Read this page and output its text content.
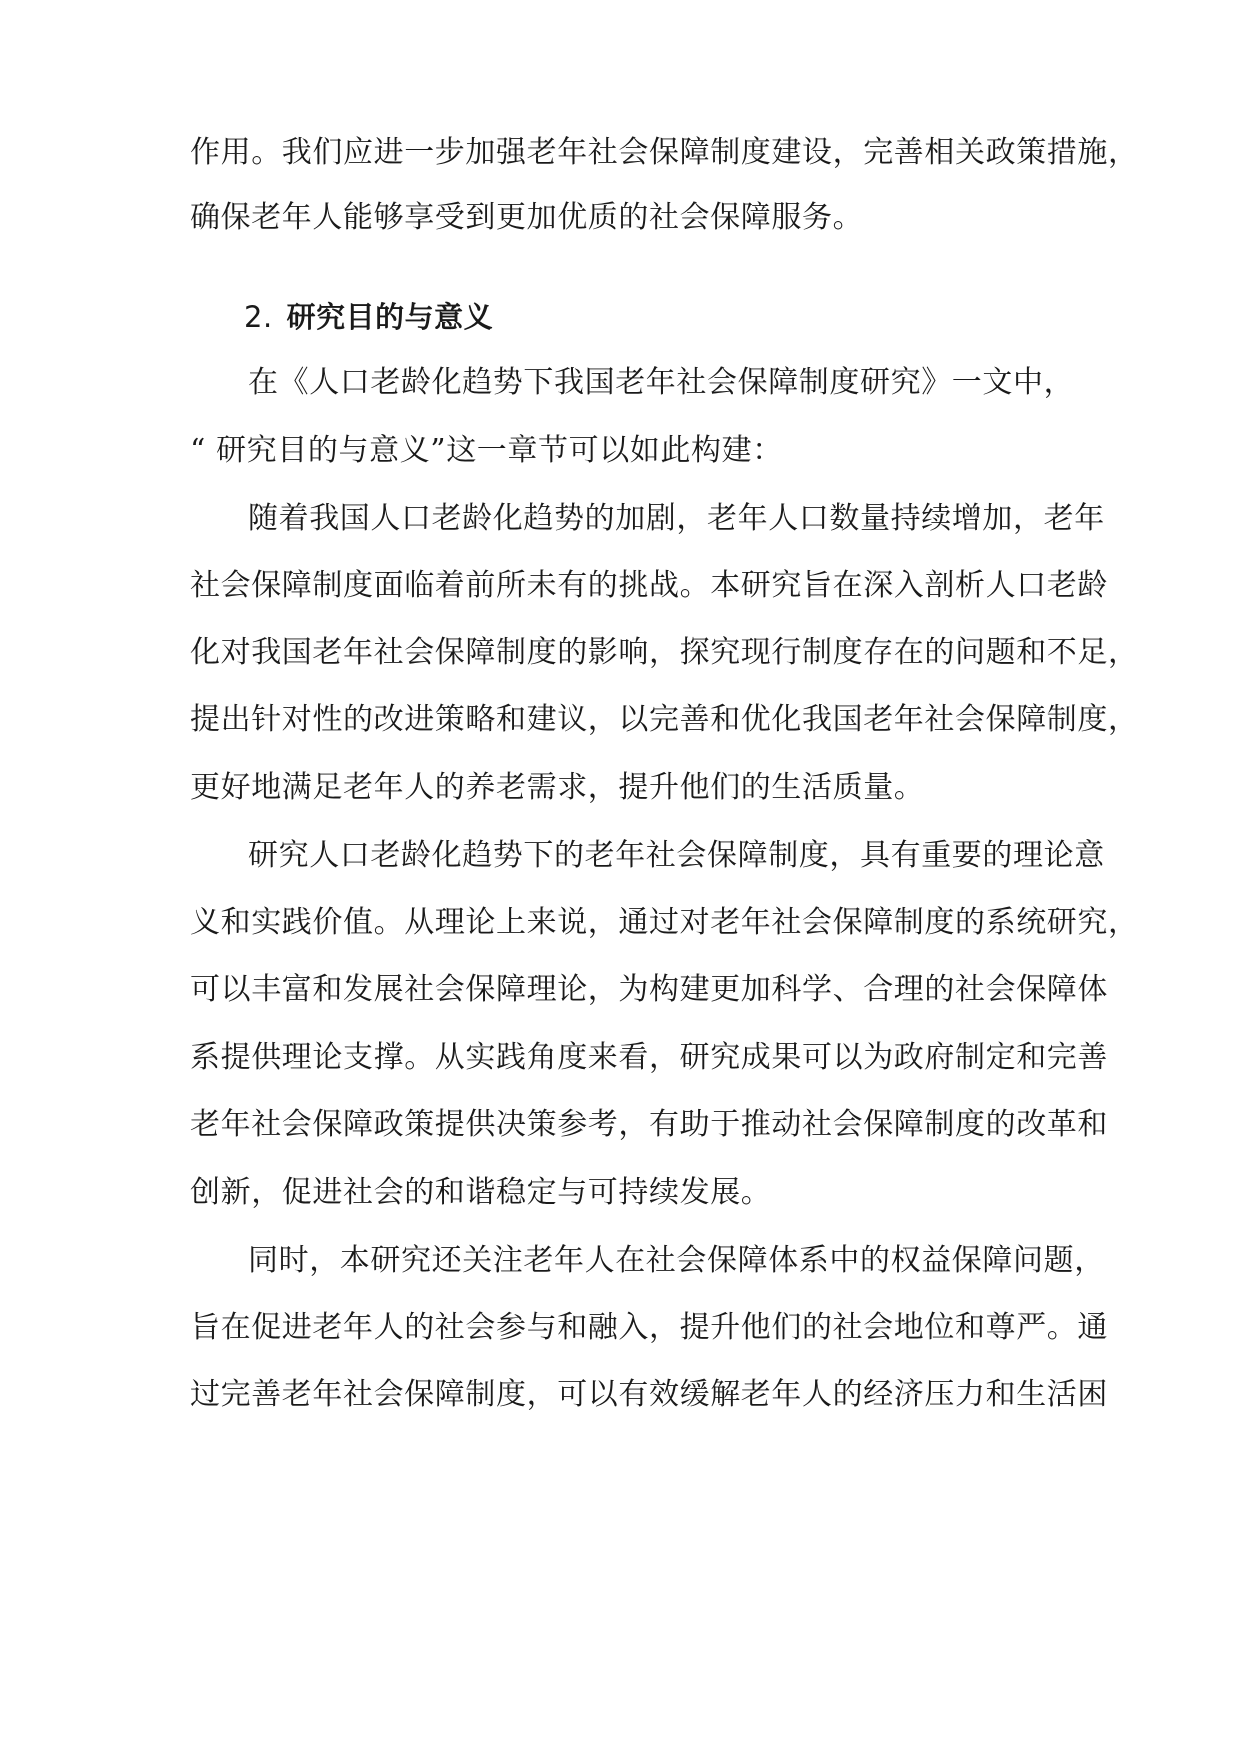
作用。我们应进一步加强老年社会保障制度建设，完善相关政策措施，
确保老年人能够享受到更加优质的社会保障服务。
2. 研究目的与意义
在《人口老龄化趋势下我国老年社会保障制度研究》一文中，
“ 研究目的与意义”这一章节可以如此构建：
随着我国人口老龄化趋势的加剧，老年人口数量持续增加，老年
社会保障制度面临着前所未有的挑战。本研究旨在深入剖析人口老龄
化对我国老年社会保障制度的影响，探究现行制度存在的问题和不足，
提出针对性的改进策略和建议，以完善和优化我国老年社会保障制度，
更好地满足老年人的养老需求，提升他们的生活质量。
研究人口老龄化趋势下的老年社会保障制度，具有重要的理论意
义和实践价值。从理论上来说，通过对老年社会保障制度的系统研究，
可以丰富和发展社会保障理论，为构建更加科学、合理的社会保障体
系提供理论支撑。从实践角度来看，研究成果可以为政府制定和完善
老年社会保障政策提供决策参考，有助于推动社会保障制度的改革和
创新，促进社会的和谐稳定与可持续发展。
同时，本研究还关注老年人在社会保障体系中的权益保障问题，
旨在促进老年人的社会参与和融入，提升他们的社会地位和尊严。通
过完善老年社会保障制度，可以有效缓解老年人的经济压力和生活困
